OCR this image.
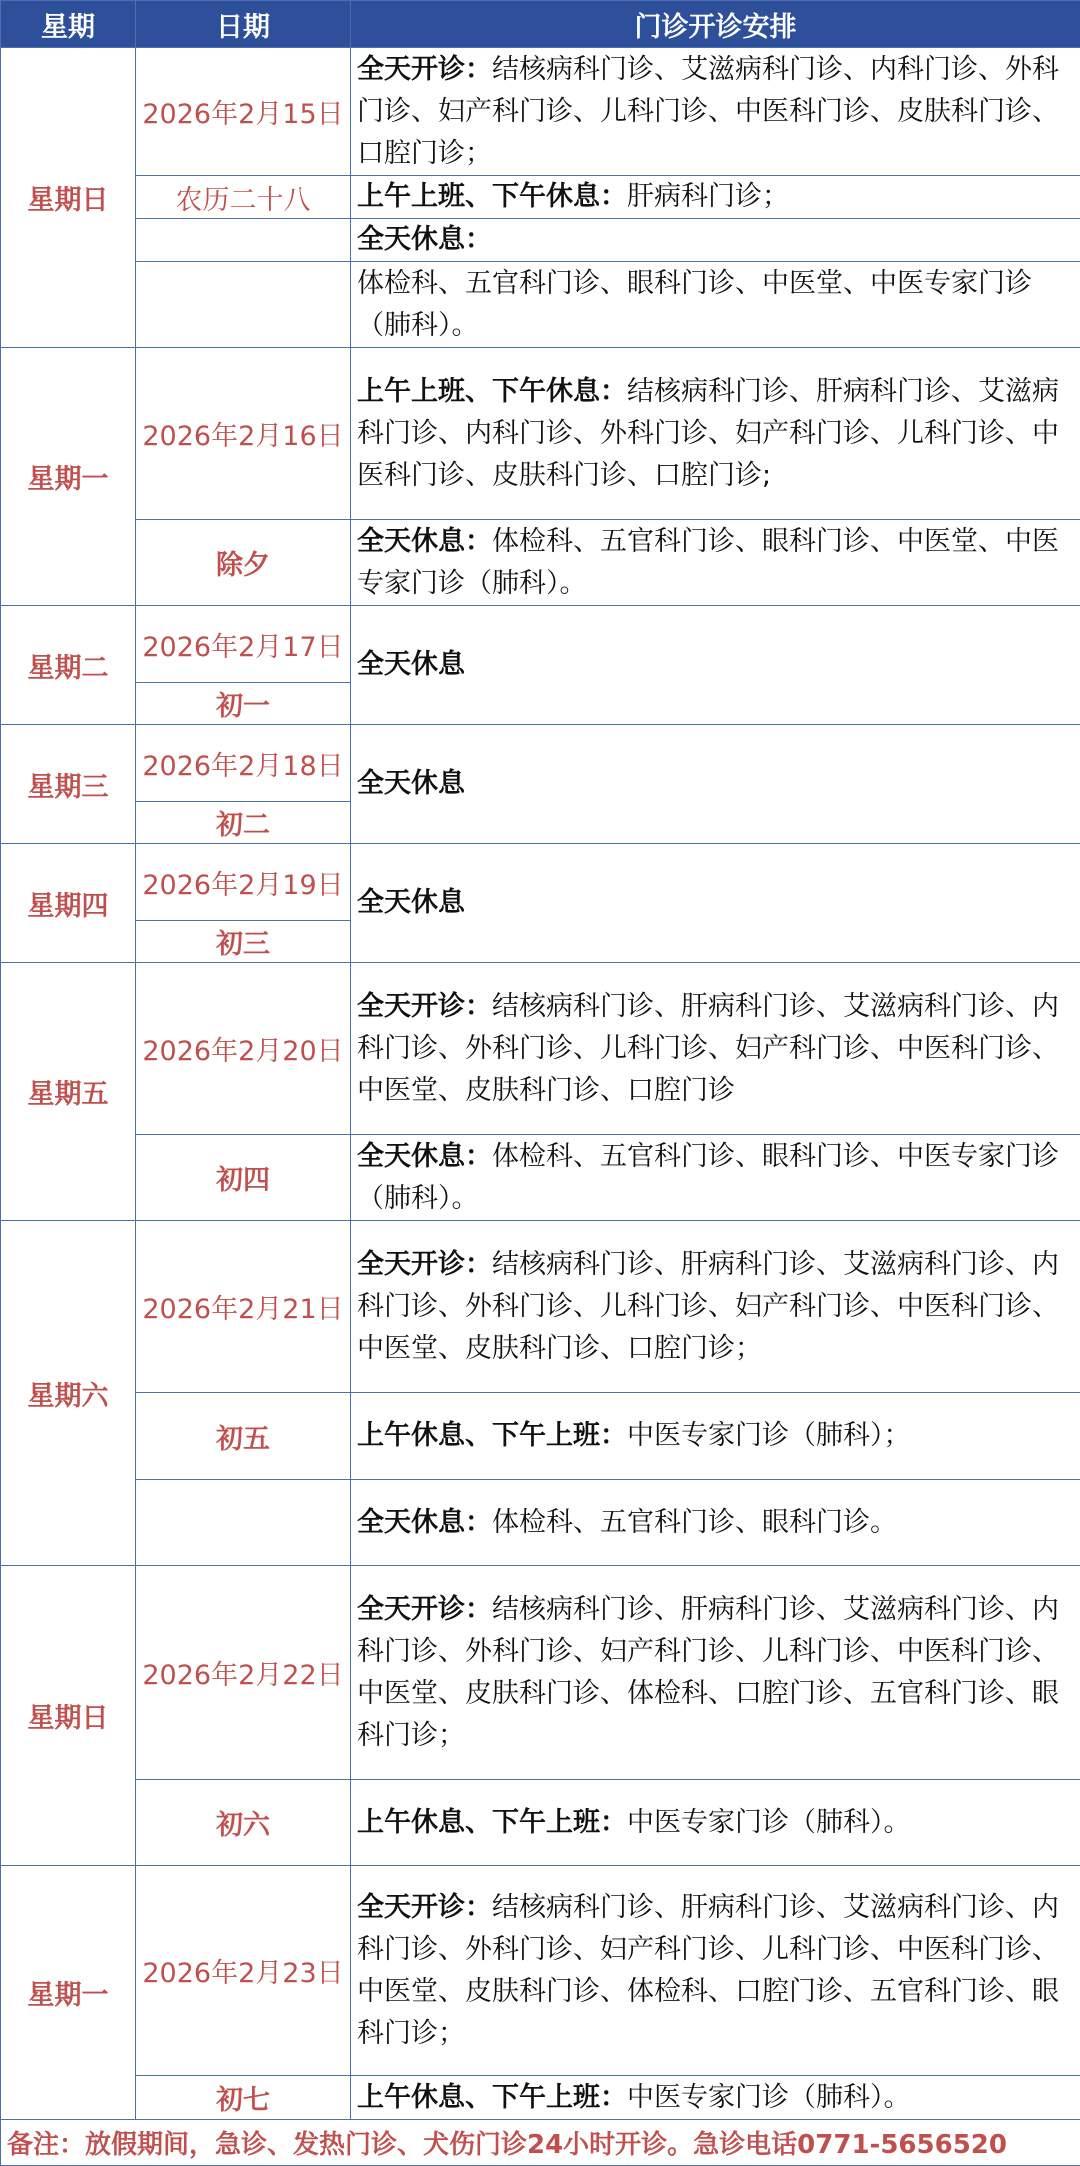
星期	日期	门诊开诊安排
星期日	2026年2月15日	全天开诊：结核病科门诊、艾滋病科门诊、内科门诊、外科门诊、妇产科门诊、儿科门诊、中医科门诊、皮肤科门诊、口腔门诊；
	农历二十八	上午上班、下午休息：肝病科门诊；
		全天休息：
		体检科、五官科门诊、眼科门诊、中医堂、中医专家门诊（肺科）。
星期一	2026年2月16日	上午上班、下午休息：结核病科门诊、肝病科门诊、艾滋病科门诊、内科门诊、外科门诊、妇产科门诊、儿科门诊、中医科门诊、皮肤科门诊、口腔门诊;
	除夕	全天休息：体检科、五官科门诊、眼科门诊、中医堂、中医专家门诊（肺科）。
星期二	2026年2月17日	全天休息
	初一	
星期三	2026年2月18日	全天休息
	初二	
星期四	2026年2月19日	全天休息
	初三	
星期五	2026年2月20日	全天开诊：结核病科门诊、肝病科门诊、艾滋病科门诊、内科门诊、外科门诊、儿科门诊、妇产科门诊、中医科门诊、中医堂、皮肤科门诊、口腔门诊
	初四	全天休息：体检科、五官科门诊、眼科门诊、中医专家门诊（肺科）。
星期六	2026年2月21日	全天开诊：结核病科门诊、肝病科门诊、艾滋病科门诊、内科门诊、外科门诊、儿科门诊、妇产科门诊、中医科门诊、中医堂、皮肤科门诊、口腔门诊；
	初五	上午休息、下午上班：中医专家门诊（肺科）；
		全天休息：体检科、五官科门诊、眼科门诊。
星期日	2026年2月22日	全天开诊：结核病科门诊、肝病科门诊、艾滋病科门诊、内科门诊、外科门诊、妇产科门诊、儿科门诊、中医科门诊、中医堂、皮肤科门诊、体检科、口腔门诊、五官科门诊、眼科门诊；
	初六	上午休息、下午上班：中医专家门诊（肺科）。
星期一	2026年2月23日	全天开诊：结核病科门诊、肝病科门诊、艾滋病科门诊、内科门诊、外科门诊、妇产科门诊、儿科门诊、中医科门诊、中医堂、皮肤科门诊、体检科、口腔门诊、五官科门诊、眼科门诊；
	初七	上午休息、下午上班：中医专家门诊（肺科）。
备注：放假期间，急诊、发热门诊、犬伤门诊24小时开诊。急诊电话0771-5656520		
